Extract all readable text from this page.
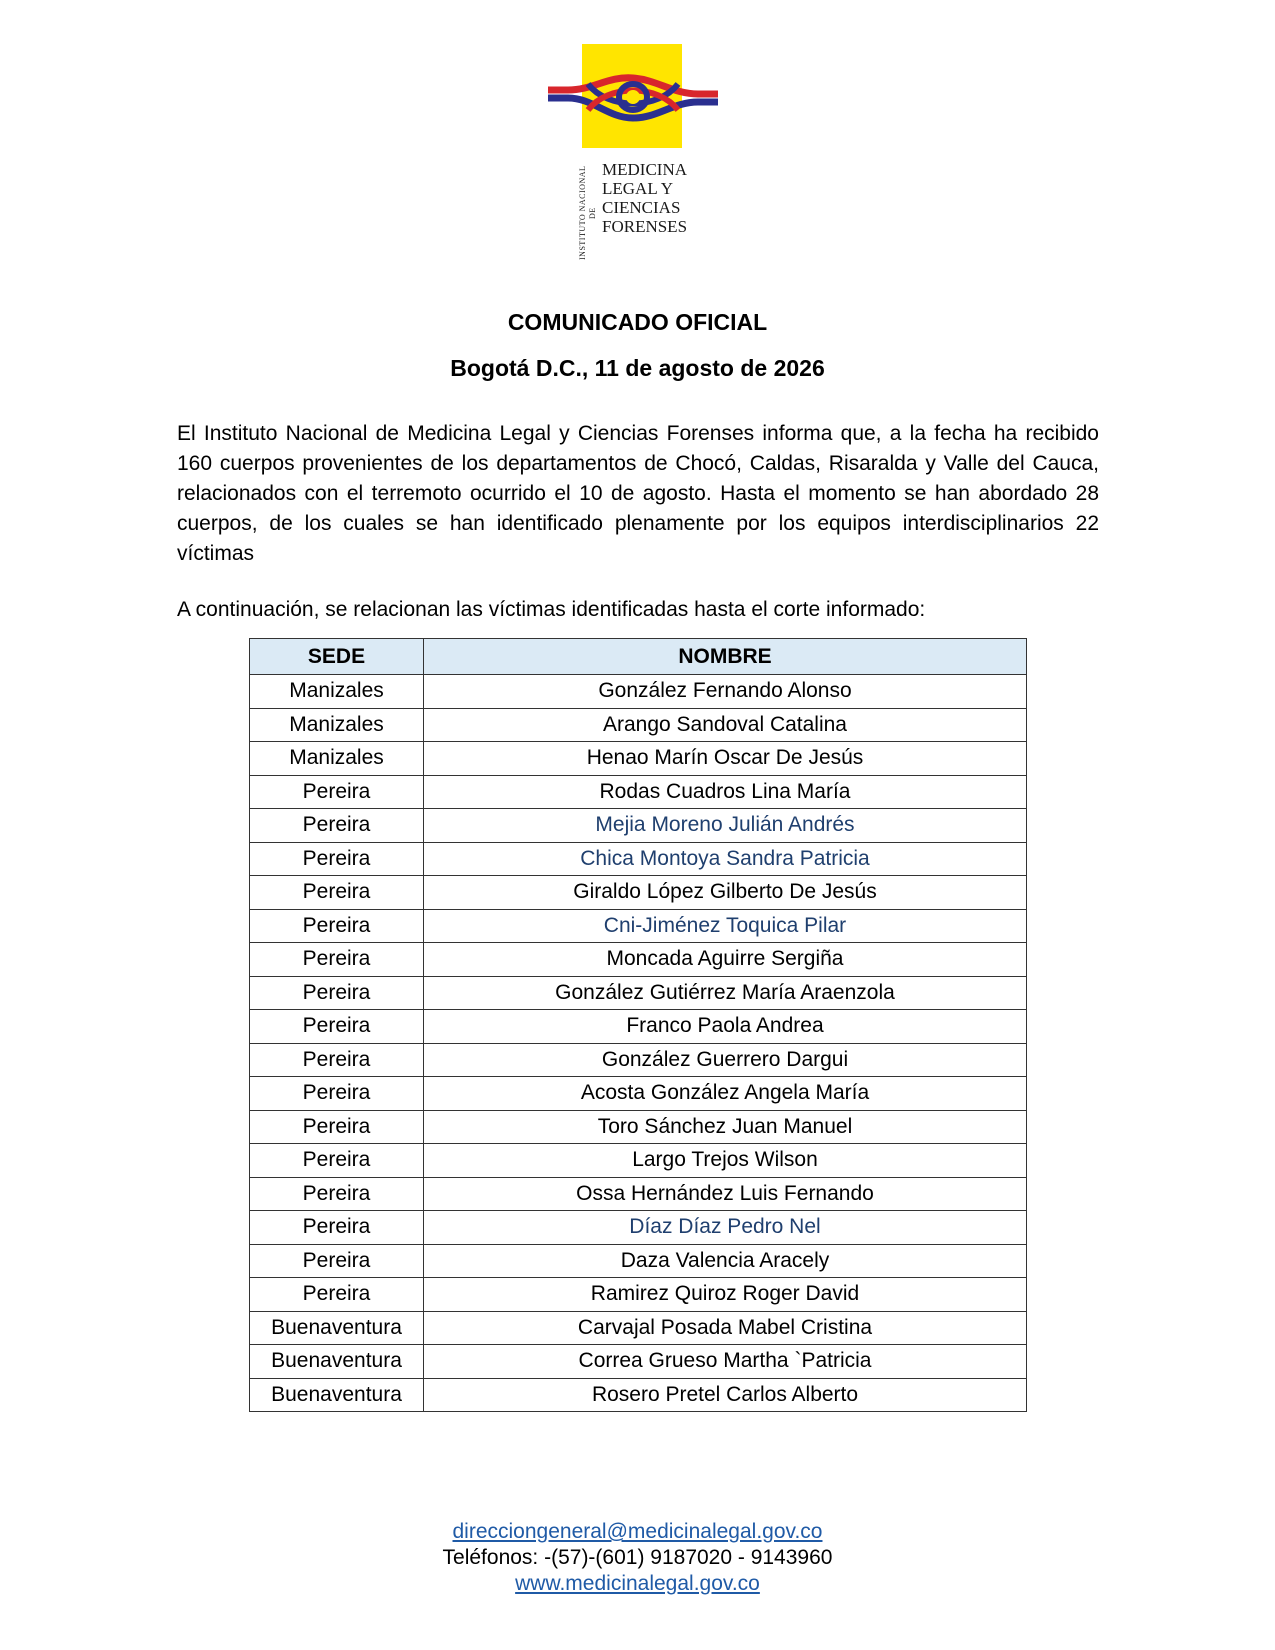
INSTITUTO NACIONAL DE
MEDICINA
LEGAL Y
CIENCIAS
FORENSES
COMUNICADO OFICIAL
Bogotá D.C., 11 de agosto de 2026
El Instituto Nacional de Medicina Legal y Ciencias Forenses informa que, a la fecha ha recibido 160 cuerpos provenientes de los departamentos de Chocó, Caldas, Risaralda y Valle del Cauca, relacionados con el terremoto ocurrido el 10 de agosto. Hasta el momento se han abordado 28 cuerpos, de los cuales se han identificado plenamente por los equipos interdisciplinarios 22 víctimas
A continuación, se relacionan las víctimas identificadas hasta el corte informado:
SEDE	NOMBRE
Manizales	González Fernando Alonso
Manizales	Arango Sandoval Catalina
Manizales	Henao Marín Oscar De Jesús
Pereira	Rodas Cuadros Lina María
Pereira	Mejia Moreno Julián Andrés
Pereira	Chica Montoya Sandra Patricia
Pereira	Giraldo López Gilberto De Jesús
Pereira	Cni-Jiménez Toquica Pilar
Pereira	Moncada Aguirre Sergiña
Pereira	González Gutiérrez María Araenzola
Pereira	Franco Paola Andrea
Pereira	González Guerrero Dargui
Pereira	Acosta González Angela María
Pereira	Toro Sánchez Juan Manuel
Pereira	Largo Trejos Wilson
Pereira	Ossa Hernández Luis Fernando
Pereira	Díaz Díaz Pedro Nel
Pereira	Daza Valencia Aracely
Pereira	Ramirez Quiroz Roger David
Buenaventura	Carvajal Posada Mabel Cristina
Buenaventura	Correa Grueso Martha `Patricia
Buenaventura	Rosero Pretel Carlos Alberto
direcciongeneral@medicinalegal.gov.co
Teléfonos: -(57)-(601) 9187020 - 9143960
www.medicinalegal.gov.co
